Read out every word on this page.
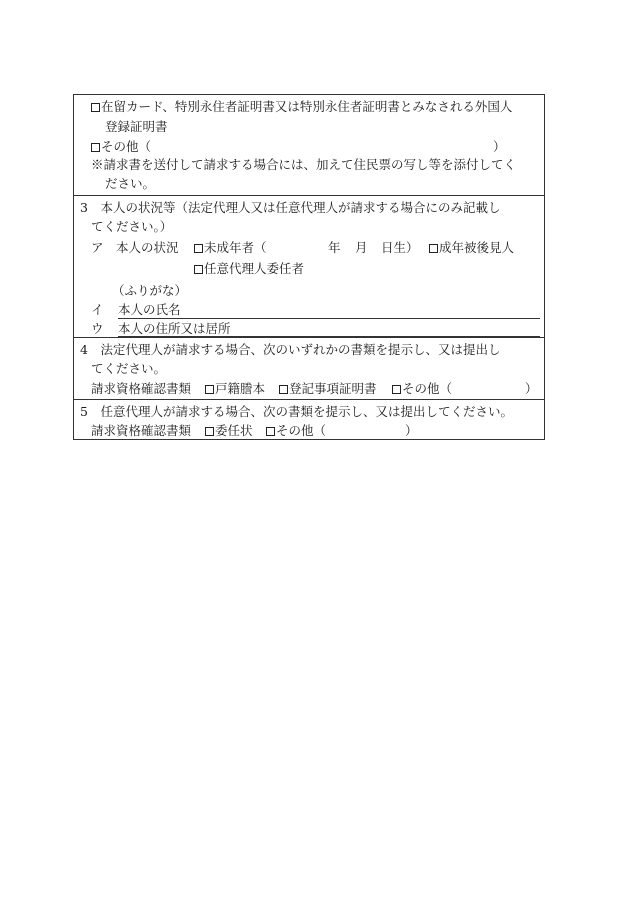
在留カード、特別永住者証明書又は特別永住者証明書とみなされる外国人
登録証明書
その他（	）
※請求書を送付して請求する場合には、加えて住民票の写し等を添付してく
ださい。
3　本人の状況等（法定代理人又は任意代理人が請求する場合にのみ記載し
てください。）
ア　本人の状況	未成年者（	年 月 日生）	成年被後見人
任意代理人委任者
（ふりがな）
イ 本人の氏名
ウ 本人の住所又は居所
4　法定代理人が請求する場合、次のいずれかの書類を提示し、又は提出し
てください。
請求資格確認書類	戸籍謄本	登記事項証明書	その他（	）
5　任意代理人が請求する場合、次の書類を提示し、又は提出してください。
請求資格確認書類	委任状	その他（	）
